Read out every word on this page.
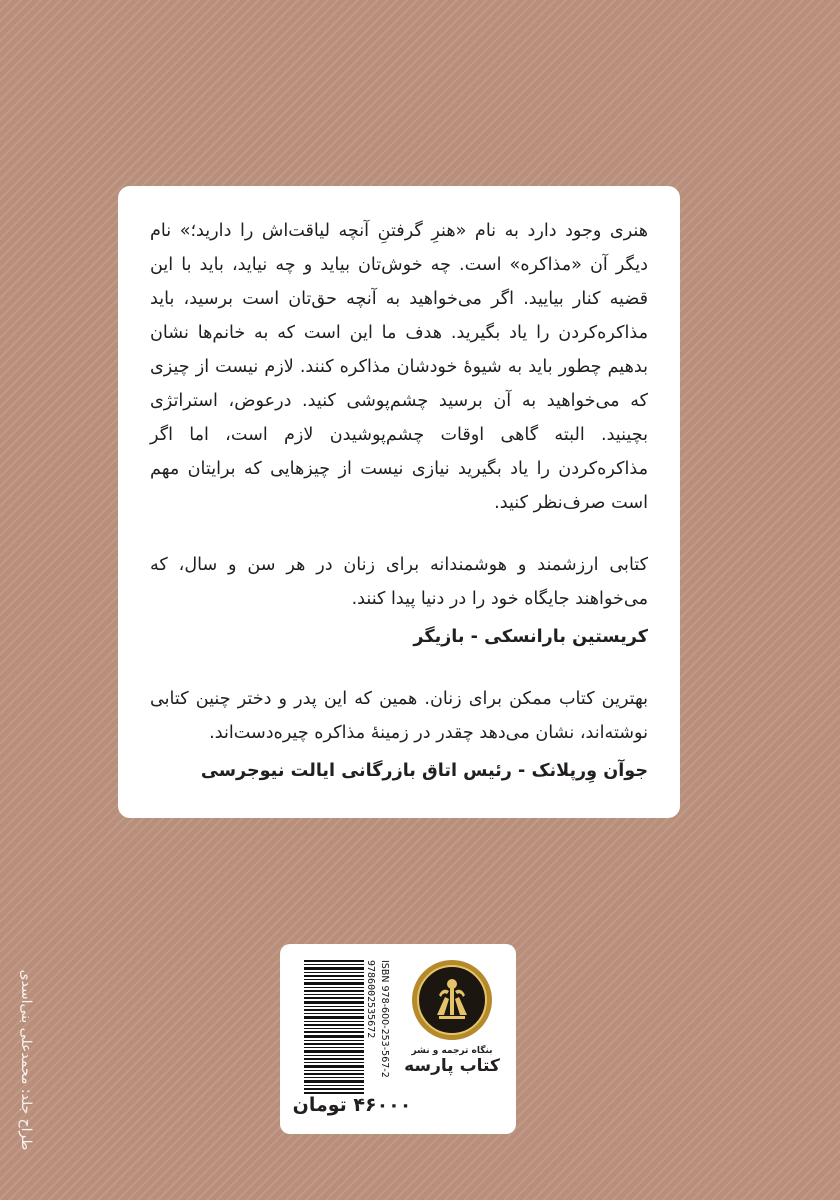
هنری وجود دارد به نام «هنرِ گرفتنِ آنچه لیاقت‌اش را دارید؛» نام دیگر آن «مذاکره» است. چه خوش‌تان بیاید و چه نیاید، باید با این قضیه کنار بیایید. اگر می‌خواهید به آنچه حق‌تان است برسید، باید مذاکره‌کردن را یاد بگیرید. هدف ما این است که به خانم‌ها نشان بدهیم چطور باید به شیوهٔ خودشان مذاکره کنند. لازم نیست از چیزی که می‌خواهید به آن برسید چشم‌پوشی کنید. درعوض، استراتژی بچینید. البته گاهی اوقات چشم‌پوشیدن لازم است، اما اگر مذاکره‌کردن را یاد بگیرید نیازی نیست از چیزهایی که برایتان مهم است صرف‌نظر کنید.

کتابی ارزشمند و هوشمندانه برای زنان در هر سن و سال، که می‌خواهند جایگاه خود را در دنیا پیدا کنند.

کریستین بارانسکی - بازیگر

بهترین کتاب ممکن برای زنان. همین که این پدر و دختر چنین کتابی نوشته‌اند، نشان می‌دهد چقدر در زمینهٔ مذاکره چیره‌دست‌اند.

جوآن وِرپلانک - رئیس اتاق بازرگانی ایالت نیوجرسی

9786002535672 ISBN 978-600-253-567-2	بنگاه ترجمه و نشر
کتاب پارسه
۴۶۰۰۰ تومان
طراح جلد: محمدعلی بنی‌اسدی
